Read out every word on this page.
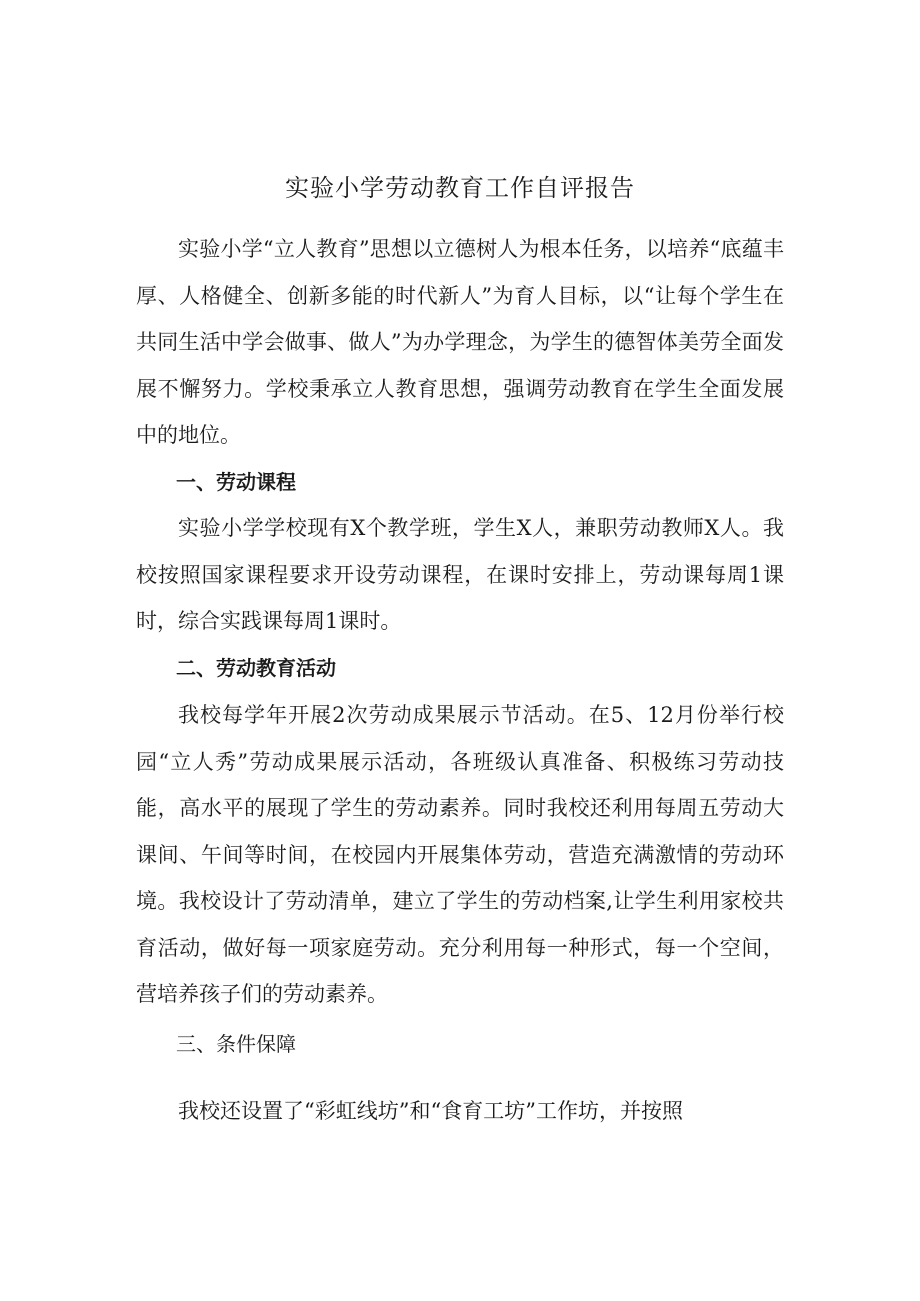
实验小学劳动教育工作自评报告

实验小学“立人教育”思想以立德树人为根本任务，以培养“底蕴丰厚、人格健全、创新多能的时代新人”为育人目标，以“让每个学生在共同生活中学会做事、做人”为办学理念，为学生的德智体美劳全面发展不懈努力。学校秉承立人教育思想，强调劳动教育在学生全面发展中的地位。

一、劳动课程

实验小学学校现有X个教学班，学生X人，兼职劳动教师X人。我校按照国家课程要求开设劳动课程，在课时安排上，劳动课每周1课时，综合实践课每周1课时。

二、劳动教育活动

我校每学年开展2次劳动成果展示节活动。在5、12月份举行校园“立人秀”劳动成果展示活动，各班级认真准备、积极练习劳动技能，高水平的展现了学生的劳动素养。同时我校还利用每周五劳动大课间、午间等时间，在校园内开展集体劳动，营造充满激情的劳动环境。我校设计了劳动清单，建立了学生的劳动档案,让学生利用家校共育活动，做好每一项家庭劳动。充分利用每一种形式，每一个空间，营培养孩子们的劳动素养。

三、条件保障

我校还设置了“彩虹线坊”和“食育工坊”工作坊，并按照
